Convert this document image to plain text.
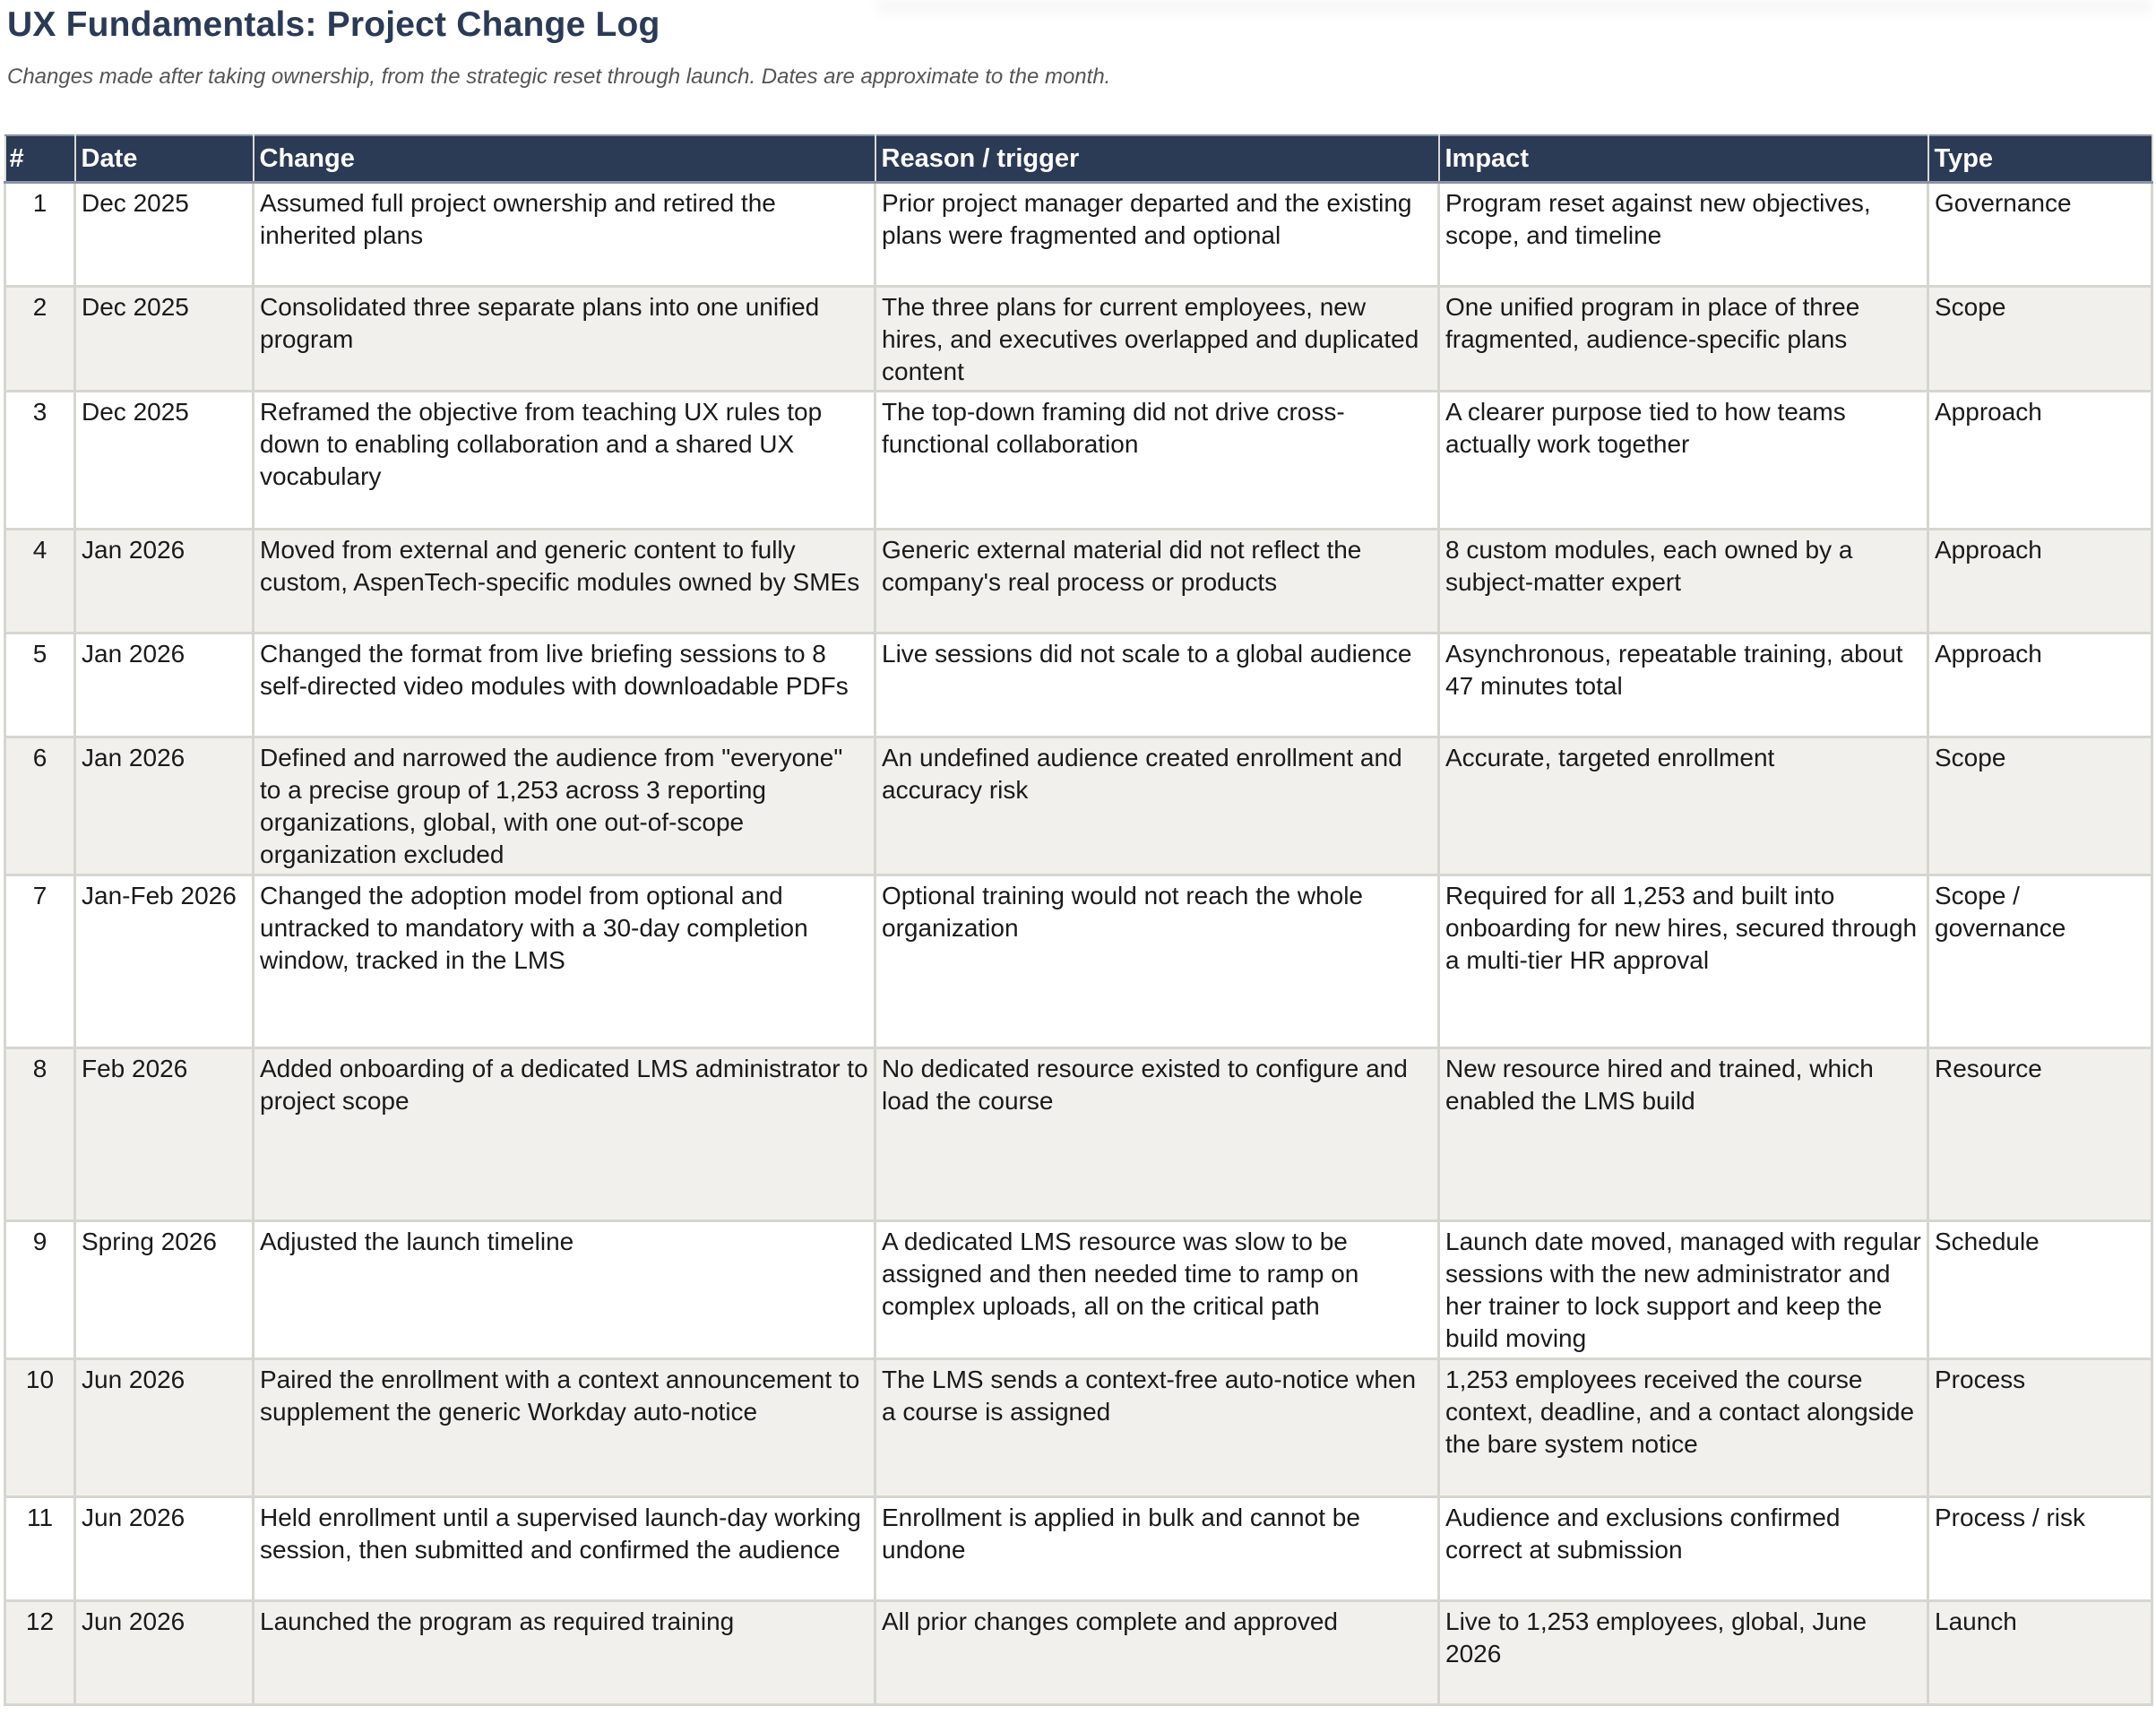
UX Fundamentals: Project Change Log
Changes made after taking ownership, from the strategic reset through launch. Dates are approximate to the month.
#	Date	Change	Reason / trigger	Impact	Type
1	Dec 2025	Assumed full project ownership and retired the inherited plans	Prior project manager departed and the existing plans were fragmented and optional	Program reset against new objectives, scope, and timeline	Governance
2	Dec 2025	Consolidated three separate plans into one unified program	The three plans for current employees, new hires, and executives overlapped and duplicated content	One unified program in place of three fragmented, audience-specific plans	Scope
3	Dec 2025	Reframed the objective from teaching UX rules top down to enabling collaboration and a shared UX vocabulary	The top-down framing did not drive cross-functional collaboration	A clearer purpose tied to how teams actually work together	Approach
4	Jan 2026	Moved from external and generic content to fully custom, AspenTech-specific modules owned by SMEs	Generic external material did not reflect the company's real process or products	8 custom modules, each owned by a subject-matter expert	Approach
5	Jan 2026	Changed the format from live briefing sessions to 8 self-directed video modules with downloadable PDFs	Live sessions did not scale to a global audience	Asynchronous, repeatable training, about 47 minutes total	Approach
6	Jan 2026	Defined and narrowed the audience from "everyone" to a precise group of 1,253 across 3 reporting organizations, global, with one out-of-scope organization excluded	An undefined audience created enrollment and accuracy risk	Accurate, targeted enrollment	Scope
7	Jan-Feb 2026	Changed the adoption model from optional and untracked to mandatory with a 30-day completion window, tracked in the LMS	Optional training would not reach the whole organization	Required for all 1,253 and built into onboarding for new hires, secured through a multi-tier HR approval	Scope / governance
8	Feb 2026	Added onboarding of a dedicated LMS administrator to project scope	No dedicated resource existed to configure and load the course	New resource hired and trained, which enabled the LMS build	Resource
9	Spring 2026	Adjusted the launch timeline	A dedicated LMS resource was slow to be assigned and then needed time to ramp on complex uploads, all on the critical path	Launch date moved, managed with regular sessions with the new administrator and her trainer to lock support and keep the build moving	Schedule
10	Jun 2026	Paired the enrollment with a context announcement to supplement the generic Workday auto-notice	The LMS sends a context-free auto-notice when a course is assigned	1,253 employees received the course context, deadline, and a contact alongside the bare system notice	Process
11	Jun 2026	Held enrollment until a supervised launch-day working session, then submitted and confirmed the audience	Enrollment is applied in bulk and cannot be undone	Audience and exclusions confirmed correct at submission	Process / risk
12	Jun 2026	Launched the program as required training	All prior changes complete and approved	Live to 1,253 employees, global, June 2026	Launch
